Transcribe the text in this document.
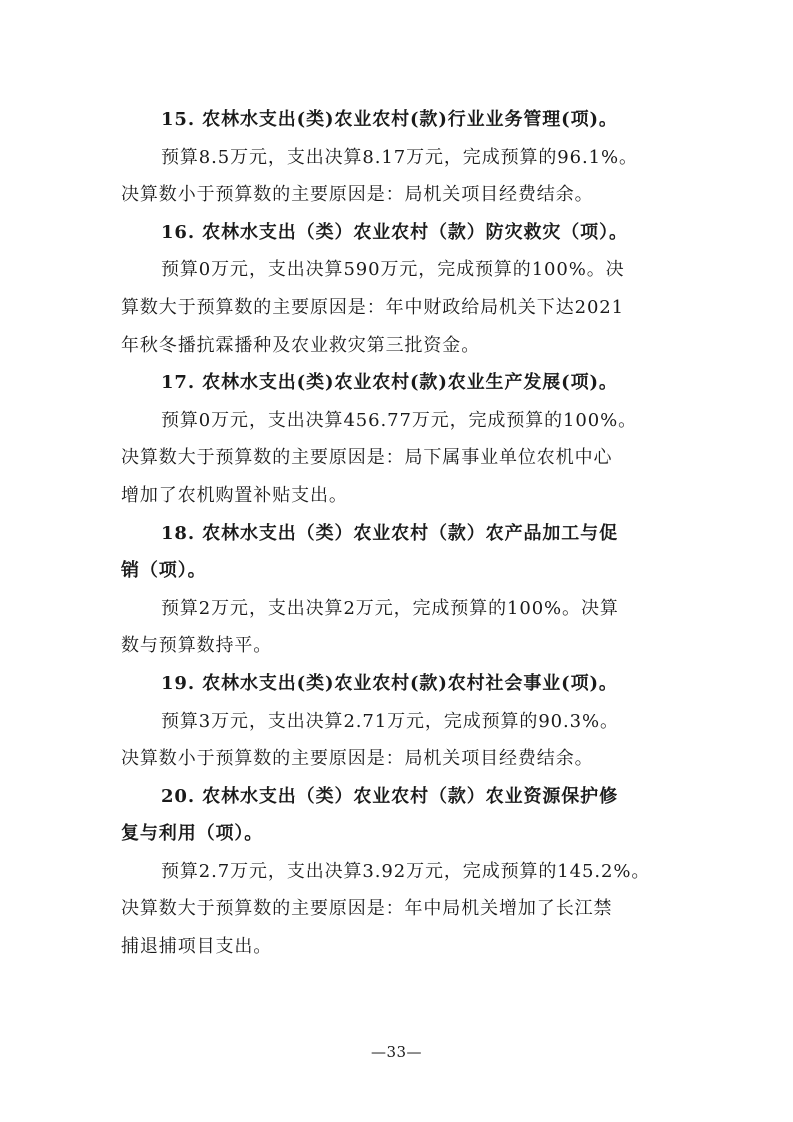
15. 农林水支出(类)农业农村(款)行业业务管理(项)。
预算8.5万元，支出决算8.17万元，完成预算的96.1%。
决算数小于预算数的主要原因是：局机关项目经费结余。
16. 农林水支出（类）农业农村（款）防灾救灾（项）。
预算0万元，支出决算590万元，完成预算的100%。决
算数大于预算数的主要原因是：年中财政给局机关下达2021
年秋冬播抗霖播种及农业救灾第三批资金。
17. 农林水支出(类)农业农村(款)农业生产发展(项)。
预算0万元，支出决算456.77万元，完成预算的100%。
决算数大于预算数的主要原因是：局下属事业单位农机中心
增加了农机购置补贴支出。
18. 农林水支出（类）农业农村（款）农产品加工与促
销（项）。
预算2万元，支出决算2万元，完成预算的100%。决算
数与预算数持平。
19. 农林水支出(类)农业农村(款)农村社会事业(项)。
预算3万元，支出决算2.71万元，完成预算的90.3%。
决算数小于预算数的主要原因是：局机关项目经费结余。
20. 农林水支出（类）农业农村（款）农业资源保护修
复与利用（项）。
预算2.7万元，支出决算3.92万元，完成预算的145.2%。
决算数大于预算数的主要原因是：年中局机关增加了长江禁
捕退捕项目支出。
—33—
